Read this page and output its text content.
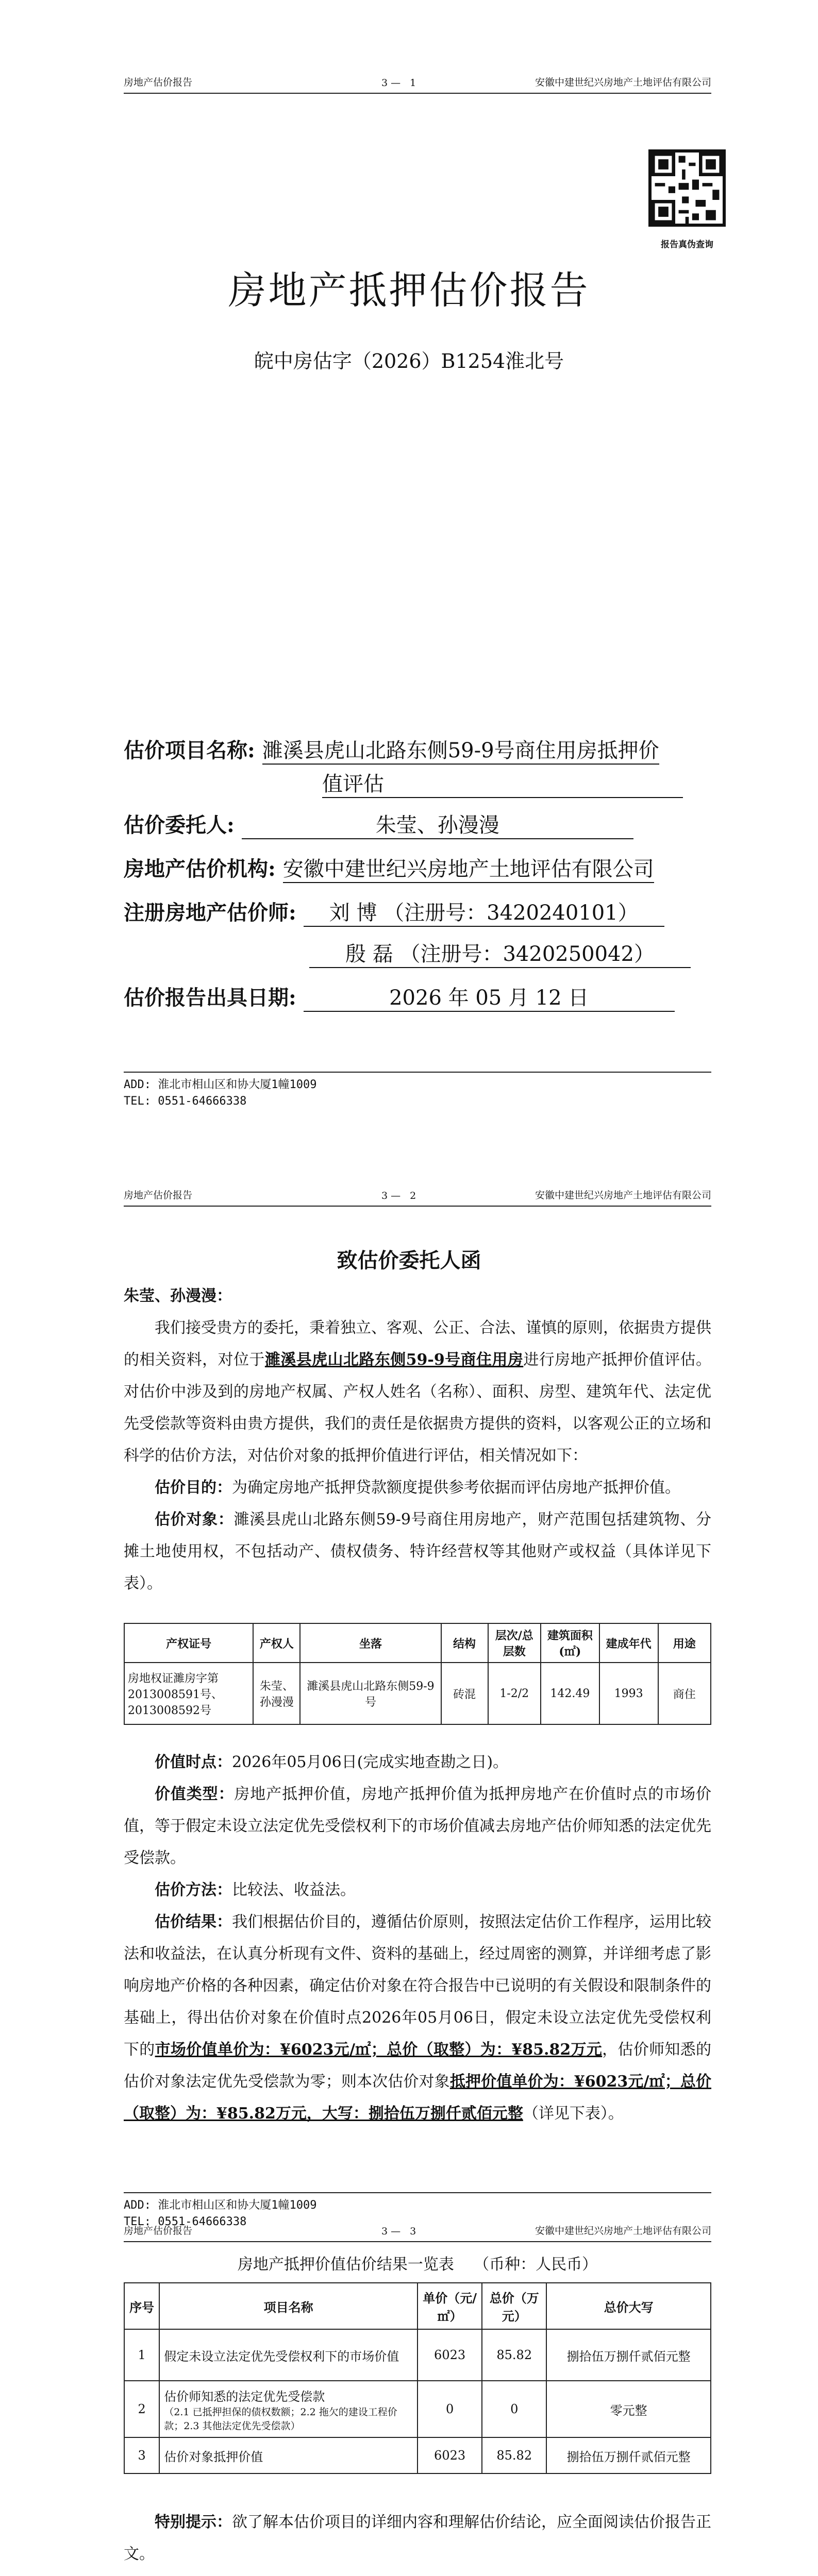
房地产估价报告	3— 1	安徽中建世纪兴房地产土地评估有限公司
报告真伪查询
房地产抵押估价报告
皖中房估字（2026）B1254淮北号
估价项目名称: 濉溪县虎山北路东侧59-9号商住用房抵押价
值评估
估价委托人:	朱莹、孙漫漫
房地产估价机构: 安徽中建世纪兴房地产土地评估有限公司
注册房地产估价师: 刘 博 （注册号：3420240101）
殷 磊 （注册号：3420250042）
估价报告出具日期:	2026 年 05 月 12 日
ADD: 淮北市相山区和协大厦1幢1009
TEL: 0551-64666338
房地产估价报告	3— 2	安徽中建世纪兴房地产土地评估有限公司
致估价委托人函

朱莹、孙漫漫：

我们接受贵方的委托，秉着独立、客观、公正、合法、谨慎的原则，依据贵方提供的相关资料，对位于濉溪县虎山北路东侧59-9号商住用房进行房地产抵押价值评估。对估价中涉及到的房地产权属、产权人姓名（名称）、面积、房型、建筑年代、法定优先受偿款等资料由贵方提供，我们的责任是依据贵方提供的资料，以客观公正的立场和科学的估价方法，对估价对象的抵押价值进行评估，相关情况如下：

估价目的：为确定房地产抵押贷款额度提供参考依据而评估房地产抵押价值。

估价对象：濉溪县虎山北路东侧59-9号商住用房地产，财产范围包括建筑物、分摊土地使用权，不包括动产、债权债务、特许经营权等其他财产或权益（具体详见下表）。

产权证号	产权人	坐落	结构	层次/总层数	建筑面积(㎡)	建成年代	用途
房地权证濉房字第2013008591号、2013008592号	朱莹、孙漫漫	濉溪县虎山北路东侧59-9号	砖混	1-2/2	142.49	1993	商住

价值时点：2026年05月06日(完成实地查勘之日)。

价值类型：房地产抵押价值，房地产抵押价值为抵押房地产在价值时点的市场价值，等于假定未设立法定优先受偿权利下的市场价值减去房地产估价师知悉的法定优先受偿款。

估价方法：比较法、收益法。

估价结果：我们根据估价目的，遵循估价原则，按照法定估价工作程序，运用比较法和收益法，在认真分析现有文件、资料的基础上，经过周密的测算，并详细考虑了影响房地产价格的各种因素，确定估价对象在符合报告中已说明的有关假设和限制条件的基础上，得出估价对象在价值时点2026年05月06日，假定未设立法定优先受偿权利下的市场价值单价为：¥6023元/㎡；总价（取整）为：¥85.82万元，估价师知悉的估价对象法定优先受偿款为零；则本次估价对象抵押价值单价为：¥6023元/㎡；总价（取整）为：¥85.82万元，大写：捌拾伍万捌仟贰佰元整（详见下表）。

ADD: 淮北市相山区和协大厦1幢1009
TEL: 0551-64666338
房地产估价报告	3— 3	安徽中建世纪兴房地产土地评估有限公司
房地产抵押价值估价结果一览表 （币种：人民币）
序号	项目名称	单价（元/㎡）	总价（万元）	总价大写
1	假定未设立法定优先受偿权利下的市场价值	6023	85.82	捌拾伍万捌仟贰佰元整
2	估价师知悉的法定优先受偿款
（2.1 已抵押担保的债权数额；2.2 拖欠的建设工程价款；2.3 其他法定优先受偿款）	0	0	零元整
3	估价对象抵押价值	6023	85.82	捌拾伍万捌仟贰佰元整

特别提示：欲了解本估价项目的详细内容和理解估价结论，应全面阅读估价报告正文。
